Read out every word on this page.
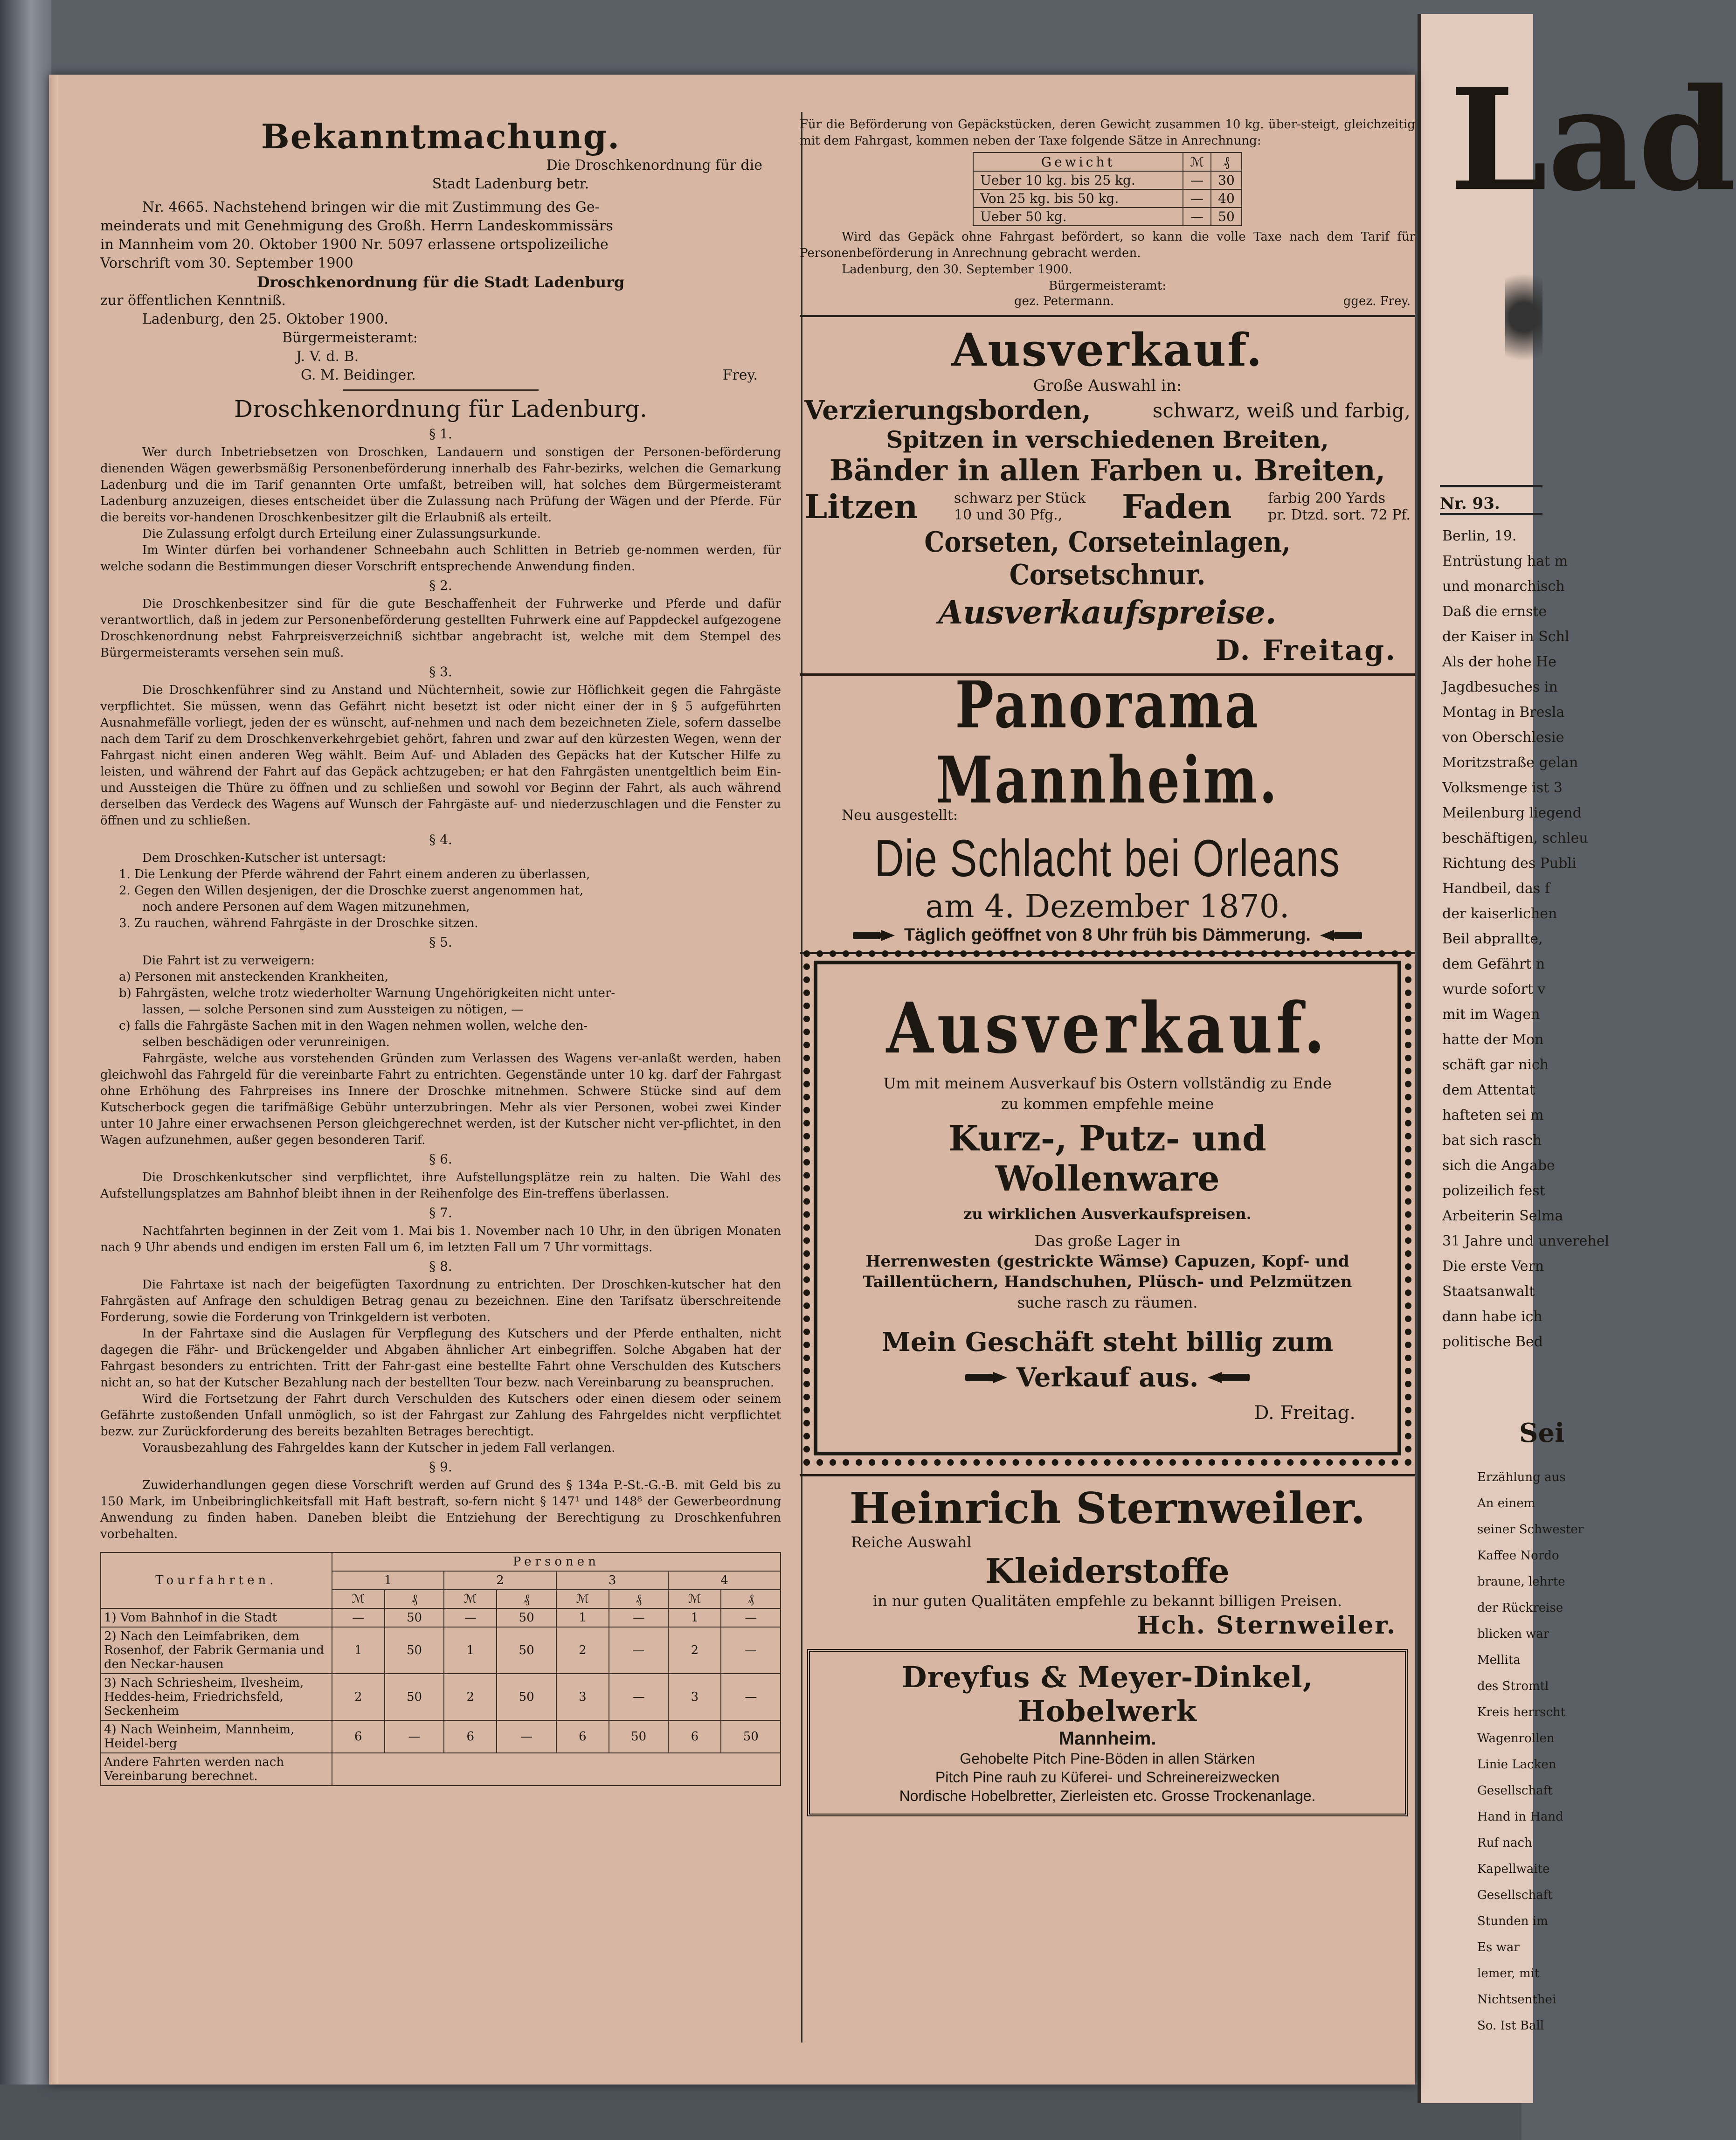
Lad
Nr. 93.
Berlin, 19.
Entrüstung hat m
und monarchisch
Daß die ernste
der Kaiser in Schl
Als der hohe He
Jagdbesuches in
Montag in Bresla
von Oberschlesie
Moritzstraße gelan
Volksmenge ist 3
Meilenburg liegend
beschäftigen, schleu
Richtung des Publi
Handbeil, das f
der kaiserlichen
Beil abprallte,
dem Gefährt n
wurde sofort v
mit im Wagen
hatte der Mon
schäft gar nich
dem Attentat
hafteten sei m
bat sich rasch
sich die Angabe
polizeilich fest
Arbeiterin Selma
31 Jahre und unverehel
Die erste Vern
Staatsanwalt
dann habe ich
politische Bed
Sei
Erzählung aus
An einem
seiner Schwester
Kaffee Nordo
braune, lehrte
der Rückreise
blicken war
Mellita
des Stromtl
Kreis herrscht
Wagenrollen
Linie Lacken
Gesellschaft
Hand in Hand
Ruf nach
Kapellwaite
Gesellschaft
Stunden im
Es war
lemer, mit
Nichtsenthei
So. Ist Ball
Bekanntmachung.

Die Droschkenordnung für die

Stadt Ladenburg betr.

Nr. 4665. Nachstehend bringen wir die mit Zustimmung des Ge-

meinderats und mit Genehmigung des Großh. Herrn Landeskommissärs

in Mannheim vom 20. Oktober 1900 Nr. 5097 erlassene ortspolizeiliche

Vorschrift vom 30. September 1900

Droschkenordnung für die Stadt Ladenburg

zur öffentlichen Kenntniß.

Ladenburg, den 25. Oktober 1900.

Bürgermeisteramt:

J. V. d. B.

G. M. Beidinger.	Frey.
Droschkenordnung für Ladenburg.

§ 1.

Wer durch Inbetriebsetzen von Droschken, Landauern und sonstigen der Personen-beförderung dienenden Wägen gewerbsmäßig Personenbeförderung innerhalb des Fahr-bezirks, welchen die Gemarkung Ladenburg und die im Tarif genannten Orte umfaßt, betreiben will, hat solches dem Bürgermeisteramt Ladenburg anzuzeigen, dieses entscheidet über die Zulassung nach Prüfung der Wägen und der Pferde. Für die bereits vor-handenen Droschkenbesitzer gilt die Erlaubniß als erteilt.

Die Zulassung erfolgt durch Erteilung einer Zulassungsurkunde.

Im Winter dürfen bei vorhandener Schneebahn auch Schlitten in Betrieb ge-nommen werden, für welche sodann die Bestimmungen dieser Vorschrift entsprechende Anwendung finden.

§ 2.

Die Droschkenbesitzer sind für die gute Beschaffenheit der Fuhrwerke und Pferde und dafür verantwortlich, daß in jedem zur Personenbeförderung gestellten Fuhrwerk eine auf Pappdeckel aufgezogene Droschkenordnung nebst Fahrpreisverzeichniß sichtbar angebracht ist, welche mit dem Stempel des Bürgermeisteramts versehen sein muß.

§ 3.

Die Droschkenführer sind zu Anstand und Nüchternheit, sowie zur Höflichkeit gegen die Fahrgäste verpflichtet. Sie müssen, wenn das Gefährt nicht besetzt ist oder nicht einer der in § 5 aufgeführten Ausnahmefälle vorliegt, jeden der es wünscht, auf-nehmen und nach dem bezeichneten Ziele, sofern dasselbe nach dem Tarif zu dem Droschkenverkehrgebiet gehört, fahren und zwar auf den kürzesten Wegen, wenn der Fahrgast nicht einen anderen Weg wählt. Beim Auf- und Abladen des Gepäcks hat der Kutscher Hilfe zu leisten, und während der Fahrt auf das Gepäck achtzugeben; er hat den Fahrgästen unentgeltlich beim Ein- und Aussteigen die Thüre zu öffnen und zu schließen und sowohl vor Beginn der Fahrt, als auch während derselben das Verdeck des Wagens auf Wunsch der Fahrgäste auf- und niederzuschlagen und die Fenster zu öffnen und zu schließen.

§ 4.

Dem Droschken-Kutscher ist untersagt:

1. Die Lenkung der Pferde während der Fahrt einem anderen zu überlassen,
2. Gegen den Willen desjenigen, der die Droschke zuerst angenommen hat,
noch andere Personen auf dem Wagen mitzunehmen,
3. Zu rauchen, während Fahrgäste in der Droschke sitzen.

§ 5.

Die Fahrt ist zu verweigern:

a) Personen mit ansteckenden Krankheiten,
b) Fahrgästen, welche trotz wiederholter Warnung Ungehörigkeiten nicht unter-
lassen, — solche Personen sind zum Aussteigen zu nötigen, —
c) falls die Fahrgäste Sachen mit in den Wagen nehmen wollen, welche den-
selben beschädigen oder verunreinigen.

Fahrgäste, welche aus vorstehenden Gründen zum Verlassen des Wagens ver-anlaßt werden, haben gleichwohl das Fahrgeld für die vereinbarte Fahrt zu entrichten. Gegenstände unter 10 kg. darf der Fahrgast ohne Erhöhung des Fahrpreises ins Innere der Droschke mitnehmen. Schwere Stücke sind auf dem Kutscherbock gegen die tarifmäßige Gebühr unterzubringen. Mehr als vier Personen, wobei zwei Kinder unter 10 Jahre einer erwachsenen Person gleichgerechnet werden, ist der Kutscher nicht ver-pflichtet, in den Wagen aufzunehmen, außer gegen besonderen Tarif.

§ 6.

Die Droschkenkutscher sind verpflichtet, ihre Aufstellungsplätze rein zu halten. Die Wahl des Aufstellungsplatzes am Bahnhof bleibt ihnen in der Reihenfolge des Ein-treffens überlassen.

§ 7.

Nachtfahrten beginnen in der Zeit vom 1. Mai bis 1. November nach 10 Uhr, in den übrigen Monaten nach 9 Uhr abends und endigen im ersten Fall um 6, im letzten Fall um 7 Uhr vormittags.

§ 8.

Die Fahrtaxe ist nach der beigefügten Taxordnung zu entrichten. Der Droschken-kutscher hat den Fahrgästen auf Anfrage den schuldigen Betrag genau zu bezeichnen. Eine den Tarifsatz überschreitende Forderung, sowie die Forderung von Trinkgeldern ist verboten.

In der Fahrtaxe sind die Auslagen für Verpflegung des Kutschers und der Pferde enthalten, nicht dagegen die Fähr- und Brückengelder und Abgaben ähnlicher Art einbegriffen. Solche Abgaben hat der Fahrgast besonders zu entrichten. Tritt der Fahr-gast eine bestellte Fahrt ohne Verschulden des Kutschers nicht an, so hat der Kutscher Bezahlung nach der bestellten Tour bezw. nach Vereinbarung zu beanspruchen.

Wird die Fortsetzung der Fahrt durch Verschulden des Kutschers oder einen diesem oder seinem Gefährte zustoßenden Unfall unmöglich, so ist der Fahrgast zur Zahlung des Fahrgeldes nicht verpflichtet bezw. zur Zurückforderung des bereits bezahlten Betrages berechtigt.

Vorausbezahlung des Fahrgeldes kann der Kutscher in jedem Fall verlangen.

§ 9.

Zuwiderhandlungen gegen diese Vorschrift werden auf Grund des § 134a P.-St.-G.-B. mit Geld bis zu 150 Mark, im Unbeibringlichkeitsfall mit Haft bestraft, so-fern nicht § 147¹ und 148⁸ der Gewerbeordnung Anwendung zu finden haben. Daneben bleibt die Entziehung der Berechtigung zu Droschkenfuhren vorbehalten.

Tourfahrten.	Personen							
	1		2		3		4	
	ℳ	₰	ℳ	₰	ℳ	₰	ℳ	₰
1) Vom Bahnhof in die Stadt	—	50	—	50	1	—	1	—
2) Nach den Leimfabriken, dem Rosenhof, der Fabrik Germania und den Neckar-hausen	1	50	1	50	2	—	2	—
3) Nach Schriesheim, Ilvesheim, Heddes-heim, Friedrichsfeld, Seckenheim	2	50	2	50	3	—	3	—
4) Nach Weinheim, Mannheim, Heidel-berg	6	—	6	—	6	50	6	50
Andere Fahrten werden nach Vereinbarung berechnet.								

Für die Beförderung von Gepäckstücken, deren Gewicht zusammen 10 kg. über-steigt, gleichzeitig mit dem Fahrgast, kommen neben der Taxe folgende Sätze in Anrechnung:

Gewicht	ℳ	₰
Ueber 10 kg. bis 25 kg.	—	30
Von 25 kg. bis 50 kg.	—	40
Ueber 50 kg.	—	50

Wird das Gepäck ohne Fahrgast befördert, so kann die volle Taxe nach dem Tarif für Personenbeförderung in Anrechnung gebracht werden.

Ladenburg, den 30. September 1900.

Bürgermeisteramt:

gez. Petermann.	ggez. Frey.

Ausverkauf.

Große Auswahl in:

Verzierungsborden,	schwarz, weiß und farbig,

Spitzen in verschiedenen Breiten,

Bänder in allen Farben u. Breiten,

Litzen	schwarz per Stück
10 und 30 Pfg.,	Faden	farbig 200 Yards
pr. Dtzd. sort. 72 Pf.

Corseten, Corseteinlagen, Corsetschnur.

Ausverkaufspreise.

D. Freitag.

Panorama Mannheim.

Neu ausgestellt:

Die Schlacht bei Orleans

am 4. Dezember 1870.

Täglich geöffnet von 8 Uhr früh bis Dämmerung.

Ausverkauf.

Um mit meinem Ausverkauf bis Ostern vollständig zu Ende

zu kommen empfehle meine

Kurz-, Putz- und Wollenware

zu wirklichen Ausverkaufspreisen.

Das große Lager in

Herrenwesten (gestrickte Wämse) Capuzen, Kopf- und

Taillentüchern, Handschuhen, Plüsch- und Pelzmützen

suche rasch zu räumen.

Mein Geschäft steht billig zum

Verkauf aus.

D. Freitag.

Heinrich Sternweiler.

Reiche Auswahl

Kleiderstoffe

in nur guten Qualitäten empfehle zu bekannt billigen Preisen.

Hch. Sternweiler.

Dreyfus & Meyer-Dinkel, Hobelwerk

Mannheim.

Gehobelte Pitch Pine-Böden in allen Stärken

Pitch Pine rauh zu Küferei- und Schreinereizwecken

Nordische Hobelbretter, Zierleisten etc. Grosse Trockenanlage.
